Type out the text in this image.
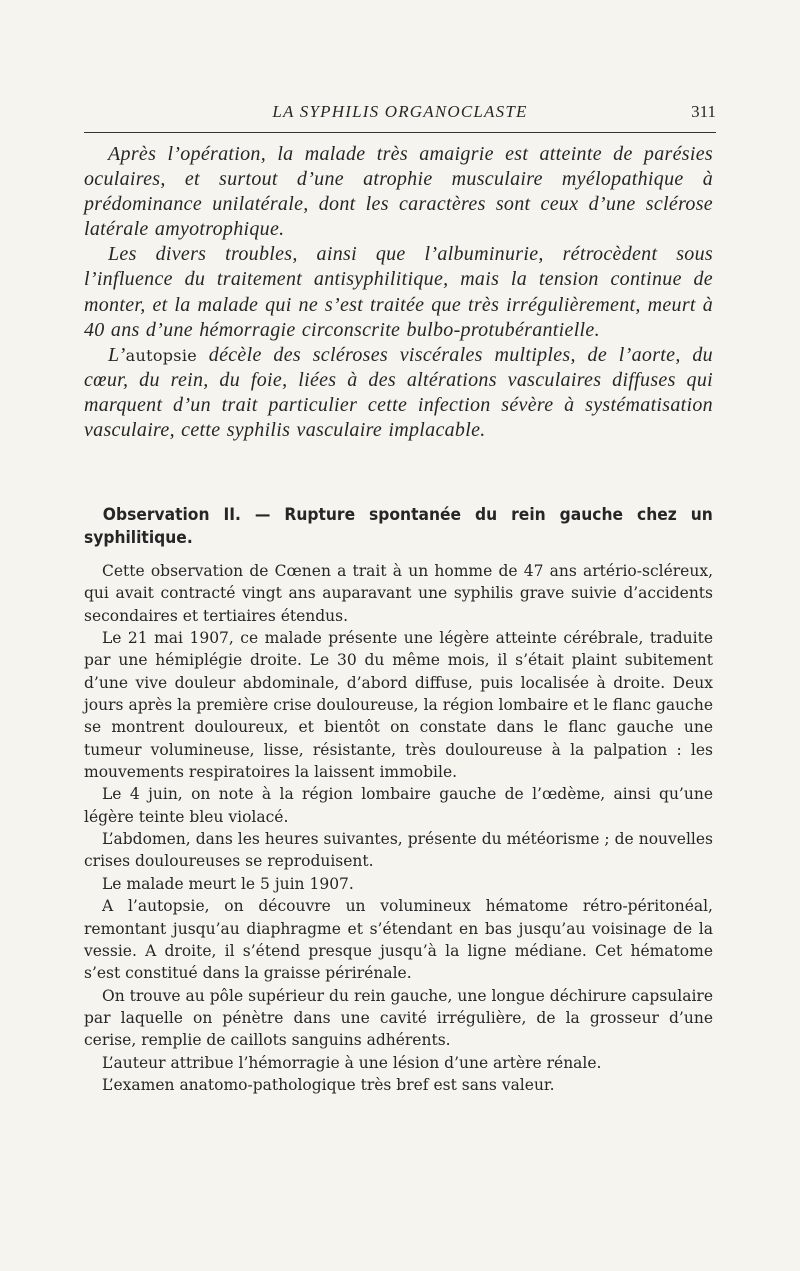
LA SYPHILIS ORGANOCLASTE	311

Après l’opération, la malade très amaigrie est atteinte de parésies oculaires, et surtout d’une atrophie musculaire myélopathique à prédominance unilatérale, dont les caractères sont ceux d’une sclérose latérale amyotrophique.

Les divers troubles, ainsi que l’albuminurie, rétrocèdent sous l’influence du traitement antisyphilitique, mais la tension continue de monter, et la malade qui ne s’est traitée que très irrégulièrement, meurt à 40 ans d’une hémorragie circonscrite bulbo-protubérantielle.

L’autopsie décèle des scléroses viscérales multiples, de l’aorte, du cœur, du rein, du foie, liées à des altérations vasculaires diffuses qui marquent d’un trait particulier cette infection sévère à systématisation vasculaire, cette syphilis vasculaire implacable.

Observation II. — Rupture spontanée du rein gauche chez un syphilitique.

Cette observation de Cœnen a trait à un homme de 47 ans artério-scléreux, qui avait contracté vingt ans auparavant une syphilis grave suivie d’accidents secondaires et tertiaires étendus.

Le 21 mai 1907, ce malade présente une légère atteinte cérébrale, traduite par une hémiplégie droite. Le 30 du même mois, il s’était plaint subitement d’une vive douleur abdominale, d’abord diffuse, puis localisée à droite. Deux jours après la première crise douloureuse, la région lombaire et le flanc gauche se montrent douloureux, et bientôt on constate dans le flanc gauche une tumeur volumineuse, lisse, résistante, très douloureuse à la palpation : les mouvements respiratoires la laissent immobile.

Le 4 juin, on note à la région lombaire gauche de l’œdème, ainsi qu’une légère teinte bleu violacé.

L’abdomen, dans les heures suivantes, présente du météorisme ; de nouvelles crises douloureuses se reproduisent.

Le malade meurt le 5 juin 1907.

A l’autopsie, on découvre un volumineux hématome rétro-péritonéal, remontant jusqu’au diaphragme et s’étendant en bas jusqu’au voisinage de la vessie. A droite, il s’étend presque jusqu’à la ligne médiane. Cet hématome s’est constitué dans la graisse périrénale.

On trouve au pôle supérieur du rein gauche, une longue déchirure capsulaire par laquelle on pénètre dans une cavité irrégulière, de la grosseur d’une cerise, remplie de caillots sanguins adhérents.

L’auteur attribue l’hémorragie à une lésion d’une artère rénale.

L’examen anatomo-pathologique très bref est sans valeur.
